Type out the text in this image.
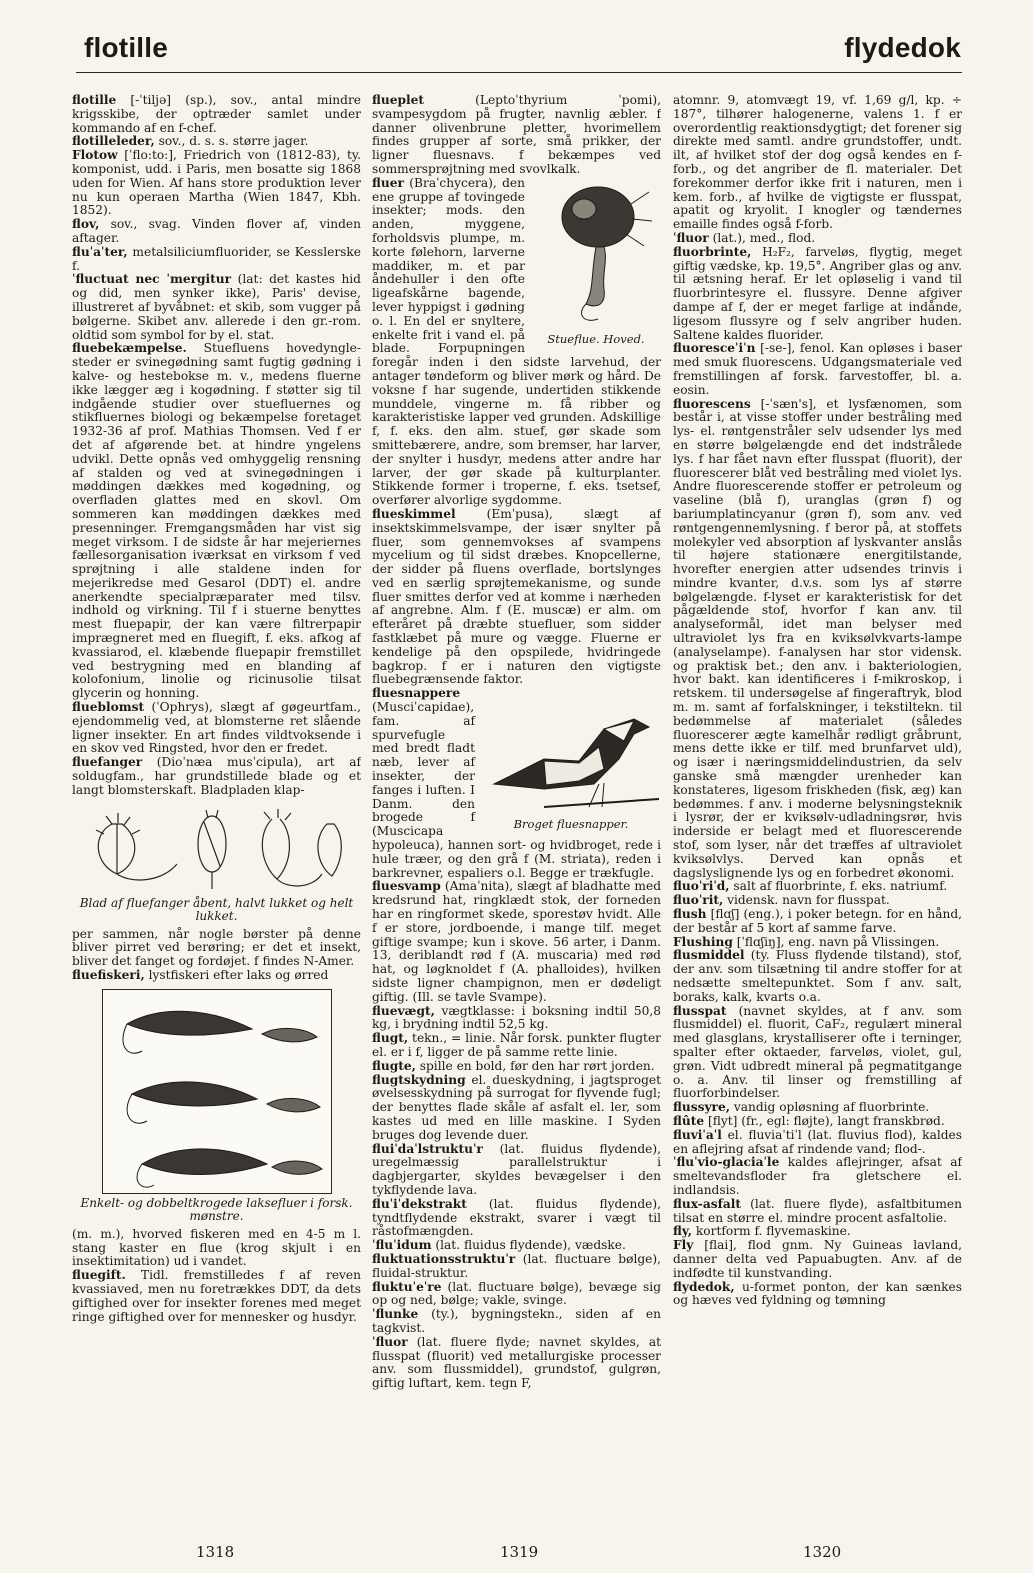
flotille	flydedok

flotille [-ˈtiljə] (sp.), sov., antal mindre krigsskibe, der optræder samlet under kommando af en f-chef.

flotilleleder, sov., d. s. s. større jager.

Flotow [ˈflo:to:], Friedrich von (1812-83), ty. komponist, udd. i Paris, men bosatte sig 1868 uden for Wien. Af hans store produktion lever nu kun operaen Martha (Wien 1847, Kbh. 1852).

flov, sov., svag. Vinden flover af, vinden aftager.

fluˈaˈter, metalsiliciumfluorider, se Kesslerske f.

ˈfluctuat nec ˈmergitur (lat: det kastes hid og did, men synker ikke), Paris' devise, illustreret af byvåbnet: et skib, som vugger på bølgerne. Skibet anv. allerede i den gr.-rom. oldtid som symbol for by el. stat.

fluebekæmpelse. Stuefluens hovedynglesteder er svinegødning samt fugtig gødning i kalve- og hestebokse m. v., medens fluerne ikke lægger æg i kogødning. f støtter sig til indgående studier over stuefluernes og stikfluernes biologi og bekæmpelse foretaget 1932-36 af prof. Mathias Thomsen. Ved f er det af afgørende bet. at hindre yngelens udvikl. Dette opnås ved omhyggelig rensning af stalden og ved at svinegødningen i møddingen dækkes med kogødning, og overfladen glattes med en skovl. Om sommeren kan møddingen dækkes med presenninger. Fremgangsmåden har vist sig meget virksom. I de sidste år har mejeriernes fællesorganisation iværksat en virksom f ved sprøjtning i alle staldene inden for mejerikredse med Gesarol (DDT) el. andre anerkendte specialpræparater med tilsv. indhold og virkning. Til f i stuerne benyttes mest fluepapir, der kan være filtrerpapir imprægneret med en fluegift, f. eks. afkog af kvassiarod, el. klæbende fluepapir fremstillet ved bestrygning med en blanding af kolofonium, linolie og ricinusolie tilsat glycerin og honning.

flueblomst (ˈOphrys), slægt af gøgeurtfam., ejendommelig ved, at blomsterne ret slående ligner insekter. En art findes vildtvoksende i en skov ved Ringsted, hvor den er fredet.

fluefanger (Dioˈnæa musˈcipula), art af soldugfam., har grundstillede blade og et langt blomsterskaft. Bladpladen klap-

Blad af fluefanger åbent, halvt lukket og helt lukket.

per sammen, når nogle børster på denne bliver pirret ved berøring; er det et insekt, bliver det fanget og fordøjet. f findes N-Amer.

fluefiskeri, lystfiskeri efter laks og ørred

Enkelt- og dobbeltkrogede laksefluer i forsk. mønstre.

(m. m.), hvorved fiskeren med en 4-5 m l. stang kaster en flue (krog skjult i en insektimitation) ud i vandet.

fluegift. Tidl. fremstilledes f af reven kvassiaved, men nu foretrækkes DDT, da dets giftighed over for insekter forenes med meget ringe giftighed over for mennesker og husdyr.

flueplet (Leptoˈthyrium ˈpomi), svampesygdom på frugter, navnlig æbler. f danner olivenbrune pletter, hvorimellem findes grupper af sorte, små prikker, der ligner fluesnavs. f bekæmpes ved sommersprøjtning med svovlkalk.

Stueflue. Hoved.

fluer (Braˈchycera), den ene gruppe af tovingede insekter; mods. den anden, myggene, forholdsvis plumpe, m. korte følehorn, larverne maddiker, m. et par åndehuller i den ofte ligeafskårne bagende, lever hyppigst i gødning o. l. En del er snyltere, enkelte frit i vand el. på blade. Forpupningen foregår inden i den sidste larvehud, der antager tøndeform og bliver mørk og hård. De voksne f har sugende, undertiden stikkende munddele, vingerne m. få ribber og karakteristiske lapper ved grunden. Adskillige f, f. eks. den alm. stuef, gør skade som smittebærere, andre, som bremser, har larver, der snylter i husdyr, medens atter andre har larver, der gør skade på kulturplanter. Stikkende former i troperne, f. eks. tsetsef, overfører alvorlige sygdomme.

flueskimmel (Emˈpusa), slægt af insektskimmelsvampe, der især snylter på fluer, som gennemvokses af svampens mycelium og til sidst dræbes. Knopcellerne, der sidder på fluens overflade, bortslynges ved en særlig sprøjtemekanisme, og sunde fluer smittes derfor ved at komme i nærheden af angrebne. Alm. f (E. muscæ) er alm. om efteråret på dræbte stuefluer, som sidder fastklæbet på mure og vægge. Fluerne er kendelige på den opspilede, hvidringede bagkrop. f er i naturen den vigtigste fluebegrænsende faktor.

Broget fluesnapper.

fluesnappere (Musciˈcapidae), fam. af spurvefugle med bredt fladt næb, lever af insekter, der fanges i luften. I Danm. den brogede f (Muscicapa hypoleuca), hannen sort- og hvidbroget, rede i hule træer, og den grå f (M. striata), reden i barkrevner, espaliers o.l. Begge er trækfugle.

fluesvamp (Amaˈnita), slægt af bladhatte med kredsrund hat, ringklædt stok, der forneden har en ringformet skede, sporestøv hvidt. Alle f er store, jordboende, i mange tilf. meget giftige svampe; kun i skove. 56 arter, i Danm. 13, deriblandt rød f (A. muscaria) med rød hat, og løgknoldet f (A. phalloides), hvilken sidste ligner champignon, men er dødeligt giftig. (Ill. se tavle Svampe).

fluevægt, vægtklasse: i boksning indtil 50,8 kg, i brydning indtil 52,5 kg.

flugt, tekn., = linie. Når forsk. punkter flugter el. er i f, ligger de på samme rette linie.

flugte, spille en bold, før den har rørt jorden.

flugtskydning el. dueskydning, i jagtsproget øvelsesskydning på surrogat for flyvende fugl; der benyttes flade skåle af asfalt el. ler, som kastes ud med en lille maskine. I Syden bruges dog levende duer.

fluiˈdaˈlstruktuˈr (lat. fluidus flydende), uregelmæssig parallelstruktur i dagbjergarter, skyldes bevægelser i den tykflydende lava.

fluˈiˈdekstrakt (lat. fluidus flydende), tyndtflydende ekstrakt, svarer i vægt til råstofmængden.

ˈfluˈidum (lat. fluidus flydende), vædske.

fluktuationsstruktuˈr (lat. fluctuare bølge), fluidal-struktur.

fluktuˈeˈre (lat. fluctuare bølge), bevæge sig op og ned, bølge; vakle, svinge.

ˈflunke (ty.), bygningstekn., siden af en tagkvist.

ˈfluor (lat. fluere flyde; navnet skyldes, at flusspat (fluorit) ved metallurgiske processer anv. som flussmiddel), grundstof, gulgrøn, giftig luftart, kem. tegn F,

atomnr. 9, atomvægt 19, vf. 1,69 g/l, kp. ÷ 187°, tilhører halogenerne, valens 1. f er overordentlig reaktionsdygtigt; det forener sig direkte med samtl. andre grundstoffer, undt. ilt, af hvilket stof der dog også kendes en f-forb., og det angriber de fl. materialer. Det forekommer derfor ikke frit i naturen, men i kem. forb., af hvilke de vigtigste er flusspat, apatit og kryolit. I knogler og tændernes emaille findes også f-forb.

ˈfluor (lat.), med., flod.

fluorbrinte, H₂F₂, farveløs, flygtig, meget giftig vædske, kp. 19,5°. Angriber glas og anv. til ætsning heraf. Er let opløselig i vand til fluorbrintesyre el. flussyre. Denne afgiver dampe af f, der er meget farlige at indånde, ligesom flussyre og f selv angriber huden. Saltene kaldes fluorider.

fluoresceˈiˈn [-se-], fenol. Kan opløses i baser med smuk fluorescens. Udgangsmateriale ved fremstillingen af forsk. farvestoffer, bl. a. eosin.

fluorescens [-ˈsæn's], et lysfænomen, som består i, at visse stoffer under bestråling med lys- el. røntgenstråler selv udsender lys med en større bølgelængde end det indstrålede lys. f har fået navn efter flusspat (fluorit), der fluorescerer blåt ved bestråling med violet lys. Andre fluorescerende stoffer er petroleum og vaseline (blå f), uranglas (grøn f) og bariumplatincyanur (grøn f), som anv. ved røntgengennemlysning. f beror på, at stoffets molekyler ved absorption af lyskvanter anslås til højere stationære energitilstande, hvorefter energien atter udsendes trinvis i mindre kvanter, d.v.s. som lys af større bølgelængde. f-lyset er karakteristisk for det pågældende stof, hvorfor f kan anv. til analyseformål, idet man belyser med ultraviolet lys fra en kviksølvkvarts-lampe (analyselampe). f-analysen har stor vidensk. og praktisk bet.; den anv. i bakteriologien, hvor bakt. kan identificeres i f-mikroskop, i retskem. til undersøgelse af fingeraftryk, blod m. m. samt af forfalskninger, i tekstiltekn. til bedømmelse af materialet (således fluorescerer ægte kamelhår rødligt gråbrunt, mens dette ikke er tilf. med brunfarvet uld), og især i næringsmiddelindustrien, da selv ganske små mængder urenheder kan konstateres, ligesom friskheden (fisk, æg) kan bedømmes. f anv. i moderne belysningsteknik i lysrør, der er kviksølv-udladningsrør, hvis inderside er belagt med et fluorescerende stof, som lyser, når det træffes af ultraviolet kviksølvlys. Derved kan opnås et dagslyslignende lys og en forbedret økonomi.

fluoˈriˈd, salt af fluorbrinte, f. eks. natriumf.

fluoˈrit, vidensk. navn for flusspat.

flush [flɑʃ] (eng.), i poker betegn. for en hånd, der består af 5 kort af samme farve.

Flushing [ˈflɑʃiŋ], eng. navn på Vlissingen.

flusmiddel (ty. Fluss flydende tilstand), stof, der anv. som tilsætning til andre stoffer for at nedsætte smeltepunktet. Som f anv. salt, boraks, kalk, kvarts o.a.

flusspat (navnet skyldes, at f anv. som flusmiddel) el. fluorit, CaF₂, regulært mineral med glasglans, krystalliserer ofte i terninger, spalter efter oktaeder, farveløs, violet, gul, grøn. Vidt udbredt mineral på pegmatitgange o. a. Anv. til linser og fremstilling af fluorforbindelser.

flussyre, vandig opløsning af fluorbrinte.

flûte [flyt] (fr., egl: fløjte), langt franskbrød.

fluviˈaˈl el. fluviaˈtiˈl (lat. fluvius flod), kaldes en aflejring afsat af rindende vand; flod-.

ˈfluˈvio-glaciaˈle kaldes aflejringer, afsat af smeltevandsfloder fra gletschere el. indlandsis.

flux-asfalt (lat. fluere flyde), asfaltbitumen tilsat en større el. mindre procent asfaltolie.

fly, kortform f. flyvemaskine.

Fly [flai], flod gnm. Ny Guineas lavland, danner delta ved Papuabugten. Anv. af de indfødte til kunstvanding.

flydedok, u-formet ponton, der kan sænkes og hæves ved fyldning og tømning

1318	1319	1320
